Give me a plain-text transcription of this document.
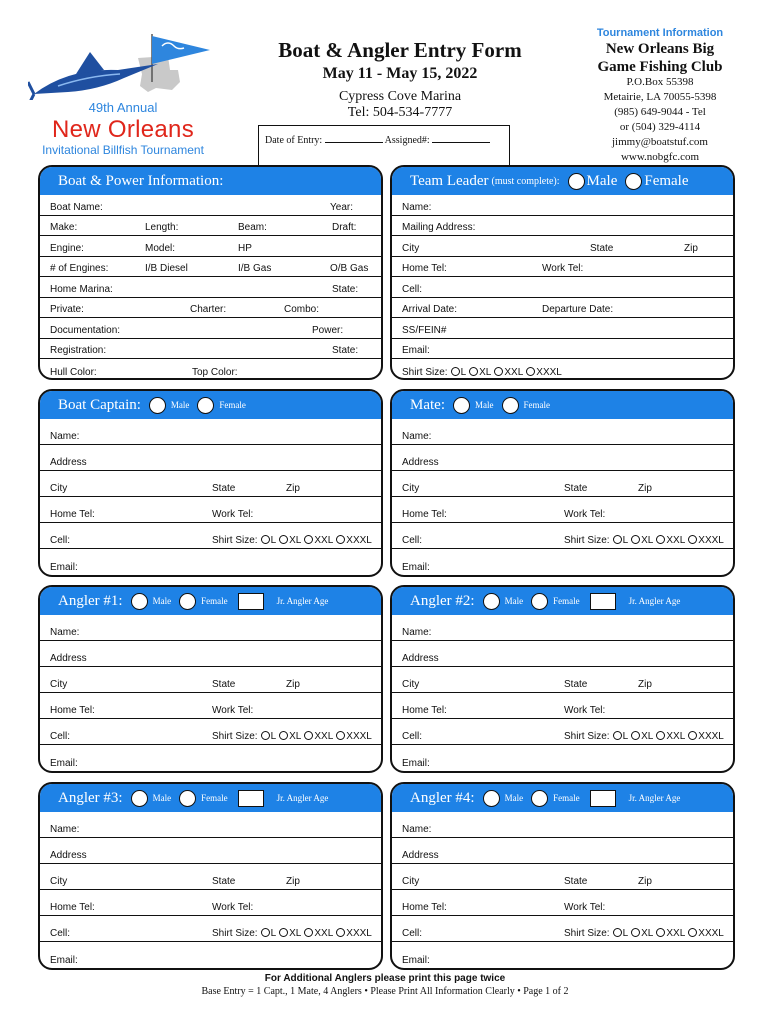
49th Annual
New Orleans
Invitational Billfish Tournament
Boat & Angler Entry Form
May 11 - May 15, 2022
Cypress Cove Marina
Tel: 504-534-7777
Date of Entry:	Assigned#:
Tournament Information
New Orleans Big
Game Fishing Club
P.O.Box 55398
Metairie, LA 70055-5398
(985) 649-9044 - Tel
or (504) 329-4114
jimmy@boatstuf.com
www.nobgfc.com
Boat & Power Information:
Boat Name:	Year:
Make:	Length:	Beam:	Draft:
Engine:	Model:	HP
# of Engines:	I/B Diesel	I/B Gas	O/B Gas
Home Marina:	State:
Private:	Charter:	Combo:
Documentation:	Power:
Registration:	State:
Hull Color:	Top Color:
Team Leader (must complete): Male Female
Name:
Mailing Address:
City	State	Zip
Home Tel:	Work Tel:
Cell:
Arrival Date:	Departure Date:
SS/FEIN#
Email:
Shirt Size: L XL XXL XXXL
Boat Captain:	Male	Female
Name:
Address
City	State	Zip
Home Tel:	Work Tel:
Cell:	Shirt Size: L XL XXL XXXL
Email:
Mate:	Male	Female
Name:
Address
City	State	Zip
Home Tel:	Work Tel:
Cell:	Shirt Size: L XL XXL XXXL
Email:
Angler #1:	Male	Female	Jr. Angler Age
Name:
Address
City	State	Zip
Home Tel:	Work Tel:
Cell:	Shirt Size: L XL XXL XXXL
Email:
Angler #2:	Male	Female	Jr. Angler Age
Name:
Address
City	State	Zip
Home Tel:	Work Tel:
Cell:	Shirt Size: L XL XXL XXXL
Email:
Angler #3:	Male	Female	Jr. Angler Age
Name:
Address
City	State	Zip
Home Tel:	Work Tel:
Cell:	Shirt Size: L XL XXL XXXL
Email:
Angler #4:	Male	Female	Jr. Angler Age
Name:
Address
City	State	Zip
Home Tel:	Work Tel:
Cell:	Shirt Size: L XL XXL XXXL
Email:
For Additional Anglers please print this page twice
Base Entry = 1 Capt., 1 Mate, 4 Anglers • Please Print All Information Clearly • Page 1 of 2
